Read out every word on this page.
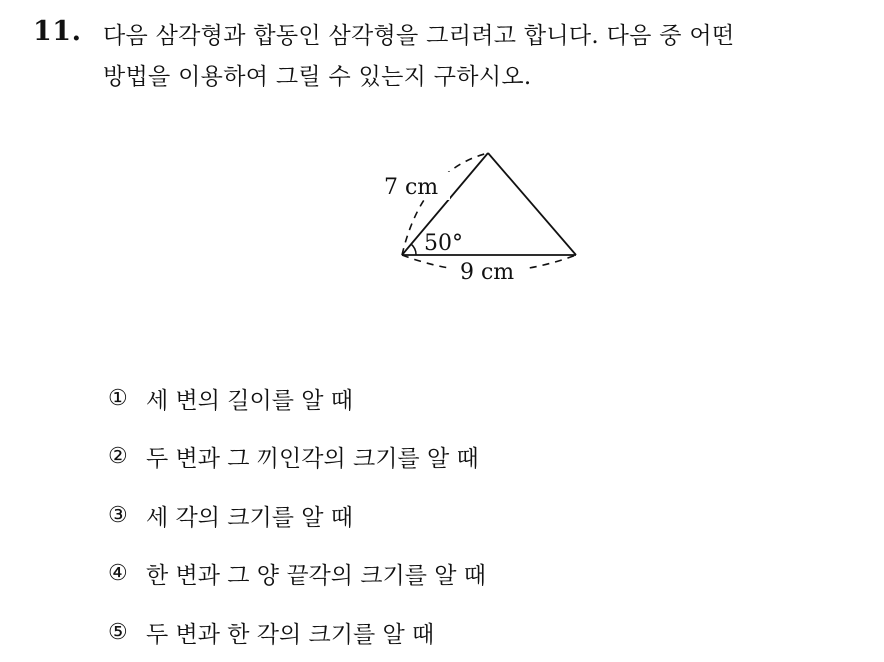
11. 다음 삼각형과 합동인 삼각형을 그리려고 합니다. 다음 중 어떤
방법을 이용하여 그릴 수 있는지 구하시오.
7 cm
50°
9 cm
① 세 변의 길이를 알 때
② 두 변과 그 끼인각의 크기를 알 때
③ 세 각의 크기를 알 때
④ 한 변과 그 양 끝각의 크기를 알 때
⑤ 두 변과 한 각의 크기를 알 때
